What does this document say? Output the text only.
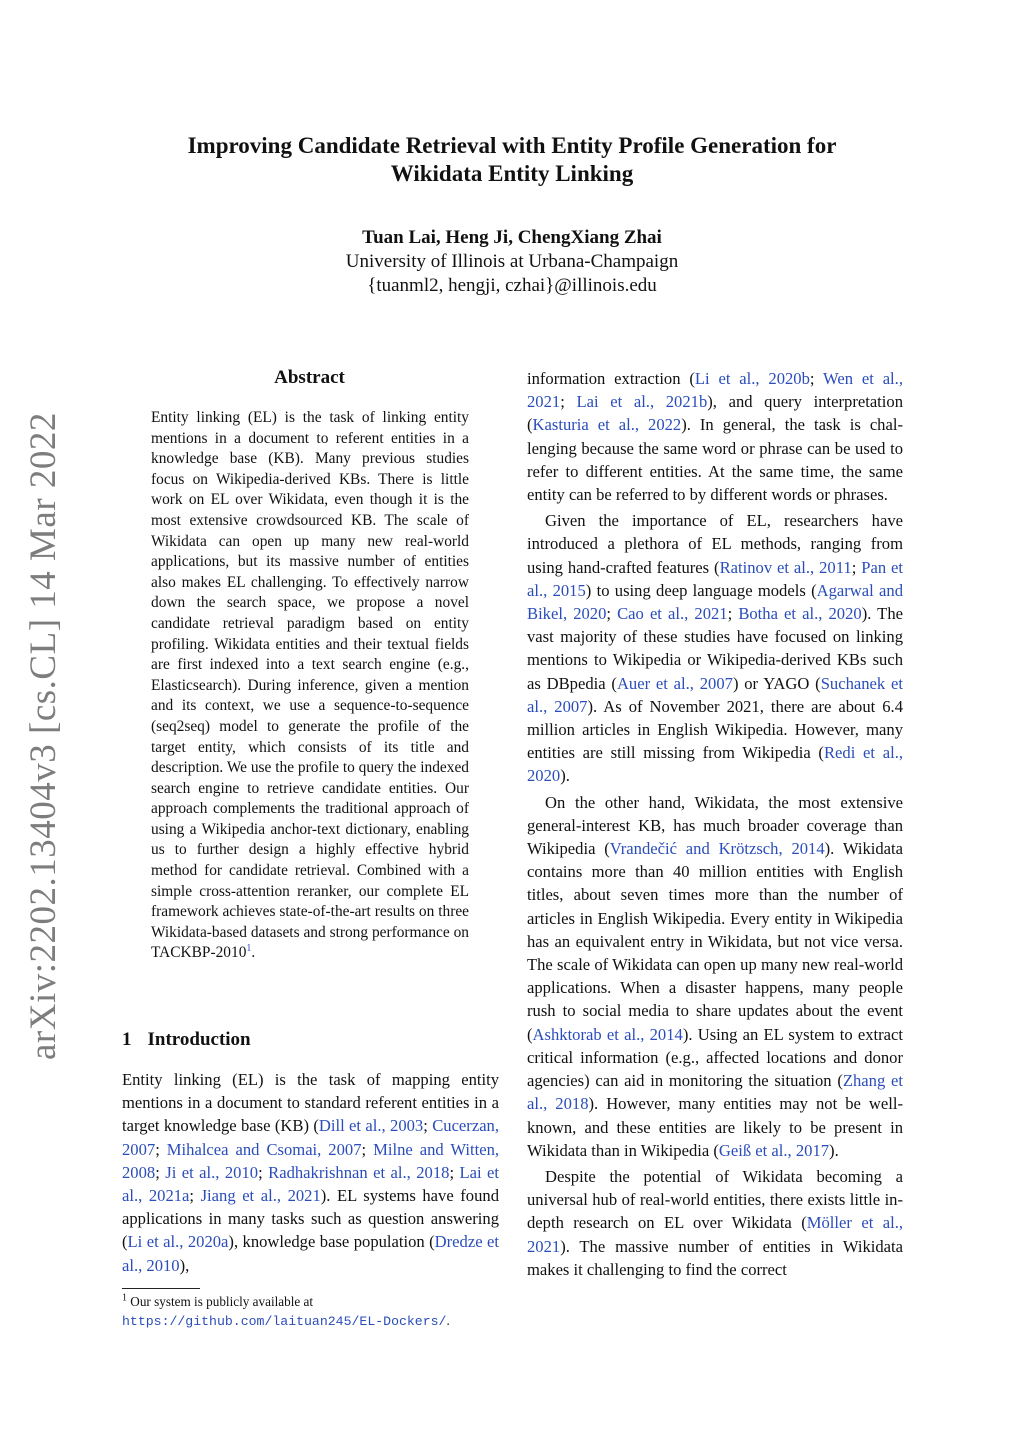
arXiv:2202.13404v3 [cs.CL] 14 Mar 2022
Improving Candidate Retrieval with Entity Profile Generation for
Wikidata Entity Linking
Tuan Lai, Heng Ji, ChengXiang Zhai
University of Illinois at Urbana-Champaign
{tuanml2, hengji, czhai}@illinois.edu
Abstract

Entity linking (EL) is the task of linking entity mentions in a document to referent entities in a knowledge base (KB). Many previous studies focus on Wikipedia-derived KBs. There is little work on EL over Wikidata, even though it is the most extensive crowdsourced KB. The scale of Wikidata can open up many new real-world applications, but its massive number of entities also makes EL challenging. To effectively narrow down the search space, we propose a novel candidate retrieval paradigm based on entity profiling. Wikidata entities and their textual fields are first indexed into a text search engine (e.g., Elasticsearch). During inference, given a mention and its context, we use a sequence-to-sequence (seq2seq) model to generate the profile of the target entity, which consists of its title and description. We use the profile to query the indexed search engine to retrieve candidate entities. Our approach complements the traditional approach of using a Wikipedia anchor-text dictionary, enabling us to further design a highly effective hybrid method for candidate retrieval. Combined with a simple cross-attention reranker, our complete EL framework achieves state-of-the-art results on three Wikidata-based datasets and strong performance on TACKBP-2010$^1$.

1 Introduction

Entity linking (EL) is the task of mapping entity mentions in a document to standard referent entities in a target knowledge base (KB) (Dill et al., 2003; Cucerzan, 2007; Mihalcea and Csomai, 2007; Milne and Witten, 2008; Ji et al., 2010; Radhakrishnan et al., 2018; Lai et al., 2021a; Jiang et al., 2021). EL systems have found applications in many tasks such as question answering (Li et al., 2020a), knowledge base population (Dredze et al., 2010),

$^1$ Our system is publicly available at https://github.com/laituan245/EL-Dockers/.

information extraction (Li et al., 2020b; Wen et al., 2021; Lai et al., 2021b), and query interpretation (Kasturia et al., 2022). In general, the task is challenging because the same word or phrase can be used to refer to different entities. At the same time, the same entity can be referred to by different words or phrases.

Given the importance of EL, researchers have introduced a plethora of EL methods, ranging from using hand-crafted features (Ratinov et al., 2011; Pan et al., 2015) to using deep language models (Agarwal and Bikel, 2020; Cao et al., 2021; Botha et al., 2020). The vast majority of these studies have focused on linking mentions to Wikipedia or Wikipedia-derived KBs such as DBpedia (Auer et al., 2007) or YAGO (Suchanek et al., 2007). As of November 2021, there are about 6.4 million articles in English Wikipedia. However, many entities are still missing from Wikipedia (Redi et al., 2020).

On the other hand, Wikidata, the most extensive general-interest KB, has much broader coverage than Wikipedia (Vrandečić and Krötzsch, 2014). Wikidata contains more than 40 million entities with English titles, about seven times more than the number of articles in English Wikipedia. Every entity in Wikipedia has an equivalent entry in Wikidata, but not vice versa. The scale of Wikidata can open up many new real-world applications. When a disaster happens, many people rush to social media to share updates about the event (Ashktorab et al., 2014). Using an EL system to extract critical information (e.g., affected locations and donor agencies) can aid in monitoring the situation (Zhang et al., 2018). However, many entities may not be well-known, and these entities are likely to be present in Wikidata than in Wikipedia (Geiß et al., 2017).

Despite the potential of Wikidata becoming a universal hub of real-world entities, there exists little in-depth research on EL over Wikidata (Möller et al., 2021). The massive number of entities in Wikidata makes it challenging to find the correct
